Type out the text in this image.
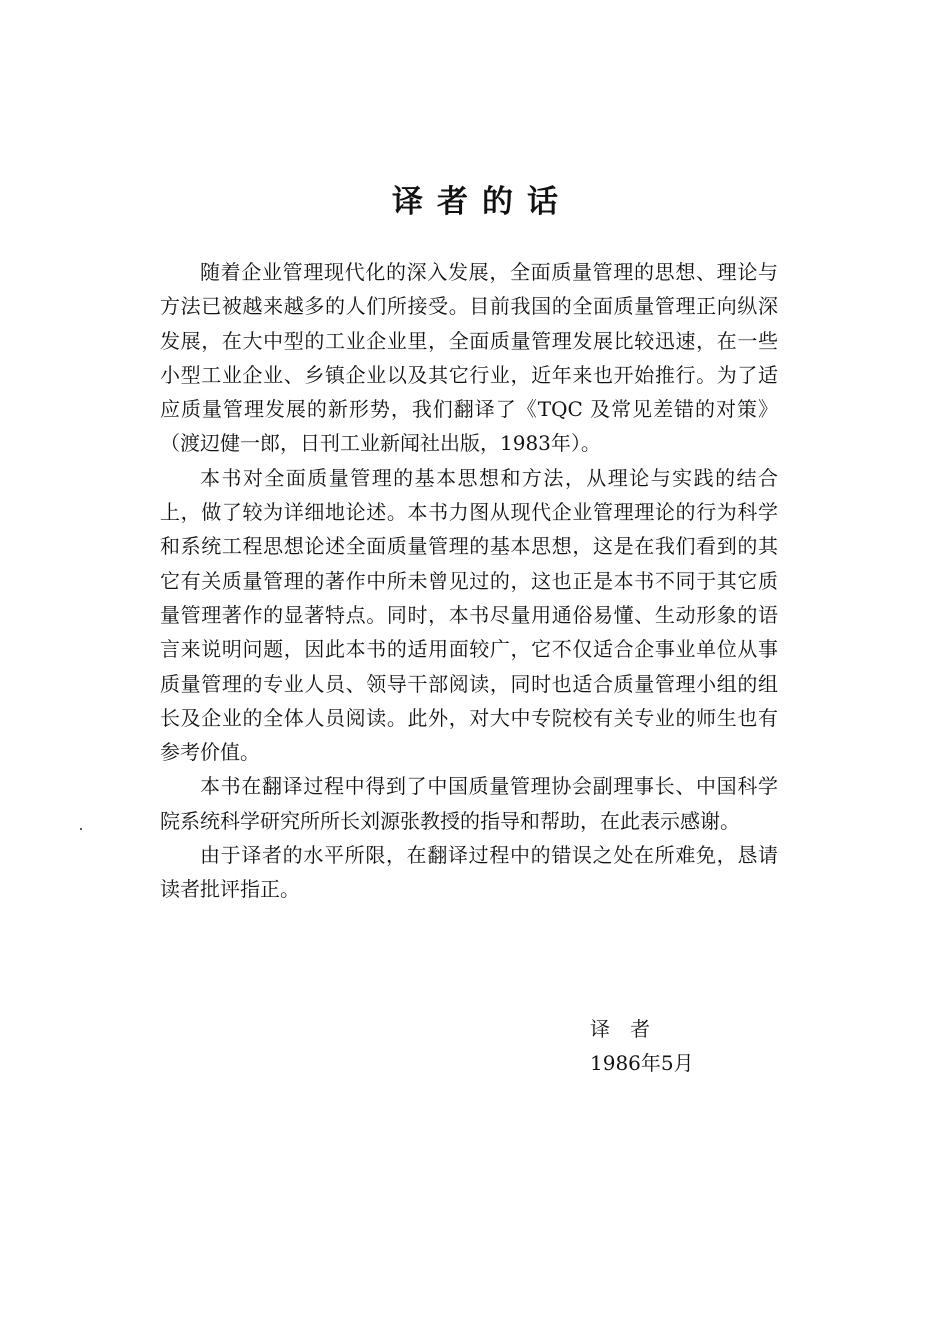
译者的话

随着企业管理现代化的深入发展，全面质量管理的思想、理论与方法已被越来越多的人们所接受。目前我国的全面质量管理正向纵深发展，在大中型的工业企业里，全面质量管理发展比较迅速，在一些小型工业企业、乡镇企业以及其它行业，近年来也开始推行。为了适应质量管理发展的新形势，我们翻译了《TQC 及常见差错的对策》（渡辺健一郎，日刊工业新闻社出版，1983年）。

本书对全面质量管理的基本思想和方法，从理论与实践的结合上，做了较为详细地论述。本书力图从现代企业管理理论的行为科学和系统工程思想论述全面质量管理的基本思想，这是在我们看到的其它有关质量管理的著作中所未曾见过的，这也正是本书不同于其它质量管理著作的显著特点。同时，本书尽量用通俗易懂、生动形象的语言来说明问题，因此本书的适用面较广，它不仅适合企事业单位从事质量管理的专业人员、领导干部阅读，同时也适合质量管理小组的组长及企业的全体人员阅读。此外，对大中专院校有关专业的师生也有参考价值。

本书在翻译过程中得到了中国质量管理协会副理事长、中国科学院系统科学研究所所长刘源张教授的指导和帮助，在此表示感谢。

由于译者的水平所限，在翻译过程中的错误之处在所难免，恳请读者批评指正。

译者
1986年5月
